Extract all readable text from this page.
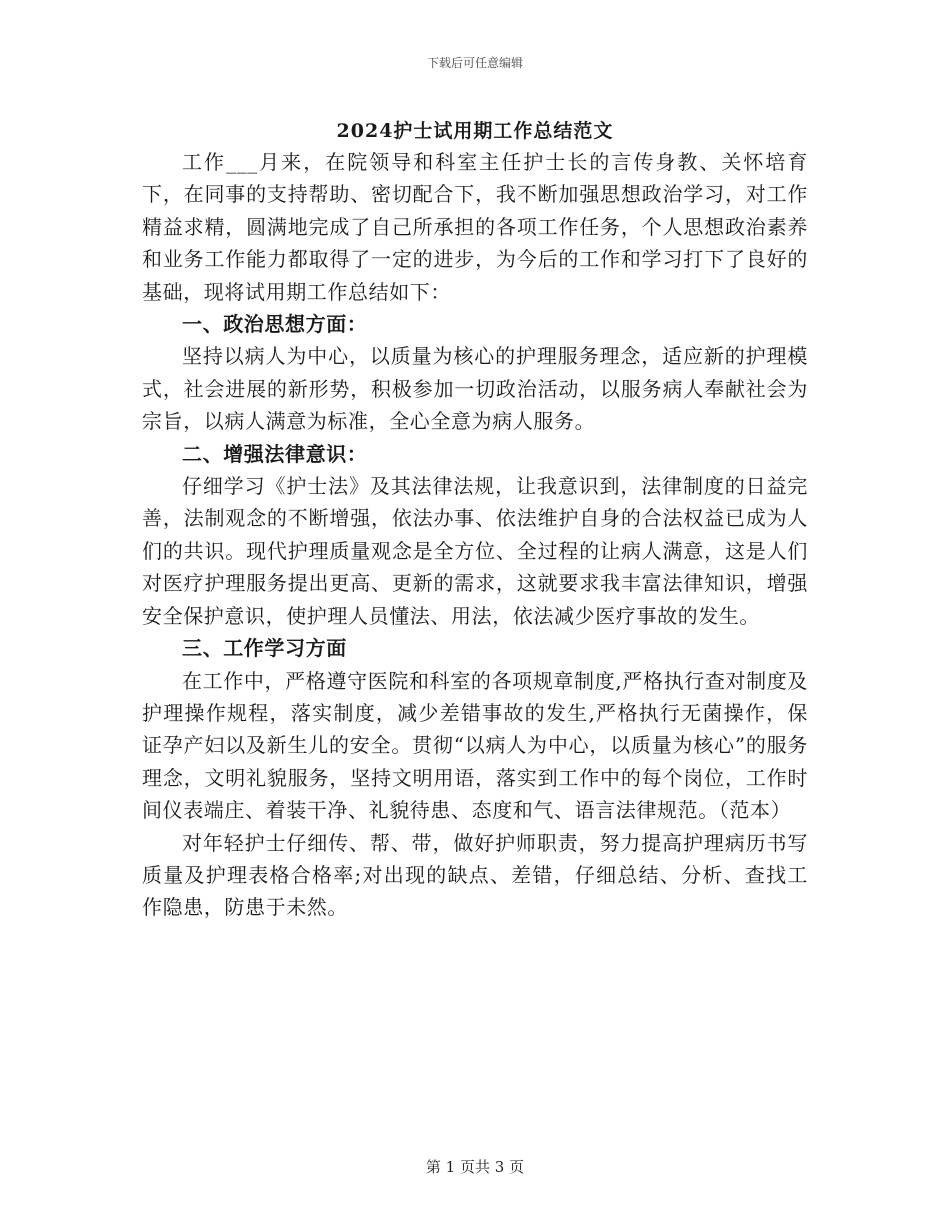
下载后可任意编辑
2024护士试用期工作总结范文

工作___月来，在院领导和科室主任护士长的言传身教、关怀培育下，在同事的支持帮助、密切配合下，我不断加强思想政治学习，对工作精益求精，圆满地完成了自己所承担的各项工作任务，个人思想政治素养和业务工作能力都取得了一定的进步，为今后的工作和学习打下了良好的基础，现将试用期工作总结如下：

一、政治思想方面：

坚持以病人为中心，以质量为核心的护理服务理念，适应新的护理模式，社会进展的新形势，积极参加一切政治活动，以服务病人奉献社会为宗旨，以病人满意为标准，全心全意为病人服务。

二、增强法律意识：

仔细学习《护士法》及其法律法规，让我意识到，法律制度的日益完善，法制观念的不断增强，依法办事、依法维护自身的合法权益已成为人们的共识。现代护理质量观念是全方位、全过程的让病人满意，这是人们对医疗护理服务提出更高、更新的需求，这就要求我丰富法律知识，增强安全保护意识，使护理人员懂法、用法，依法减少医疗事故的发生。

三、工作学习方面

在工作中，严格遵守医院和科室的各项规章制度,严格执行查对制度及护理操作规程，落实制度，减少差错事故的发生,严格执行无菌操作，保证孕产妇以及新生儿的安全。贯彻“以病人为中心，以质量为核心”的服务理念，文明礼貌服务，坚持文明用语，落实到工作中的每个岗位，工作时间仪表端庄、着装干净、礼貌待患、态度和气、语言法律规范。（范本）

对年轻护士仔细传、帮、带，做好护师职责，努力提高护理病历书写质量及护理表格合格率;对出现的缺点、差错，仔细总结、分析、查找工作隐患，防患于未然。

第 1 页共 3 页
